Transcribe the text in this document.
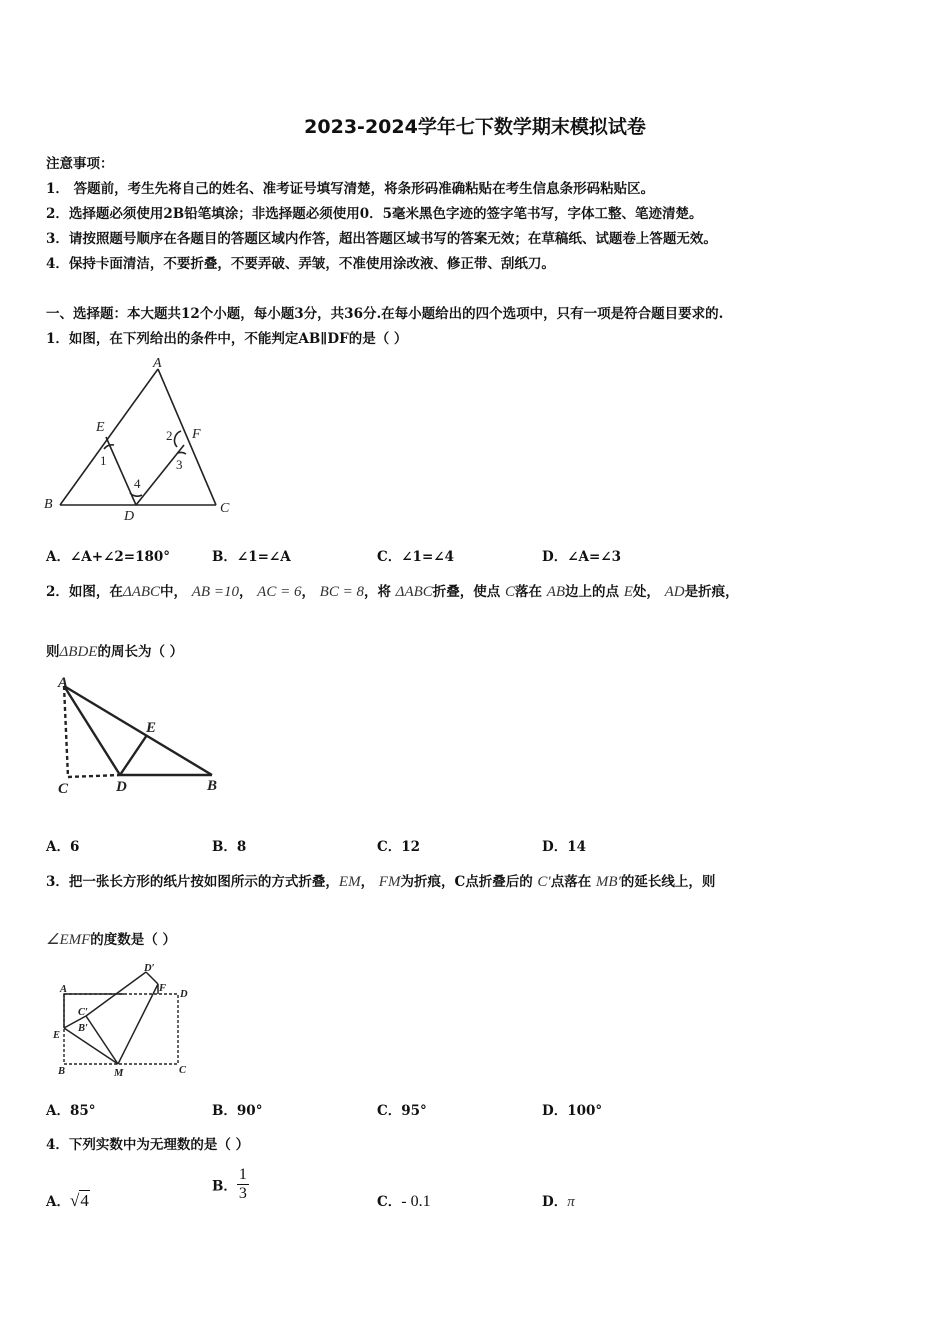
2023-2024学年七下数学期末模拟试卷
注意事项：
1． 答题前，考生先将自己的姓名、准考证号填写清楚，将条形码准确粘贴在考生信息条形码粘贴区。
2．选择题必须使用2B铅笔填涂；非选择题必须使用0．5毫米黑色字迹的签字笔书写，字体工整、笔迹清楚。
3．请按照题号顺序在各题目的答题区域内作答，超出答题区域书写的答案无效；在草稿纸、试题卷上答题无效。
4．保持卡面清洁，不要折叠，不要弄破、弄皱，不准使用涂改液、修正带、刮纸刀。
一、选择题：本大题共12个小题，每小题3分，共36分.在每小题给出的四个选项中，只有一项是符合题目要求的.
1．如图，在下列给出的条件中，不能判定AB∥DF的是（ ）
A
B	C
D
E	F
1
2
3
4
A．∠A+∠2=180°	B．∠1=∠A	C．∠1=∠4	D．∠A=∠3
2．如图，在ΔABC中， AB =10， AC = 6， BC = 8，将 ΔABC折叠，使点 C落在 AB边上的点 E处， AD是折痕，
则ΔBDE的周长为（ ）
A
C	D
E
B
A．6	B．8	C．12	D．14
3．把一张长方形的纸片按如图所示的方式折叠，EM， FM为折痕，C点折叠后的 C′点落在 MB′的延长线上，则
∠EMF的度数是（ ）
A
B	C
D
E
F
M
C′
B′
D′
A．85°	B．90°	C．95°	D．100°
4．下列实数中为无理数的是（ ）
A．√4
B． $\frac{1}{3}$	C．- 0.1	D．π
